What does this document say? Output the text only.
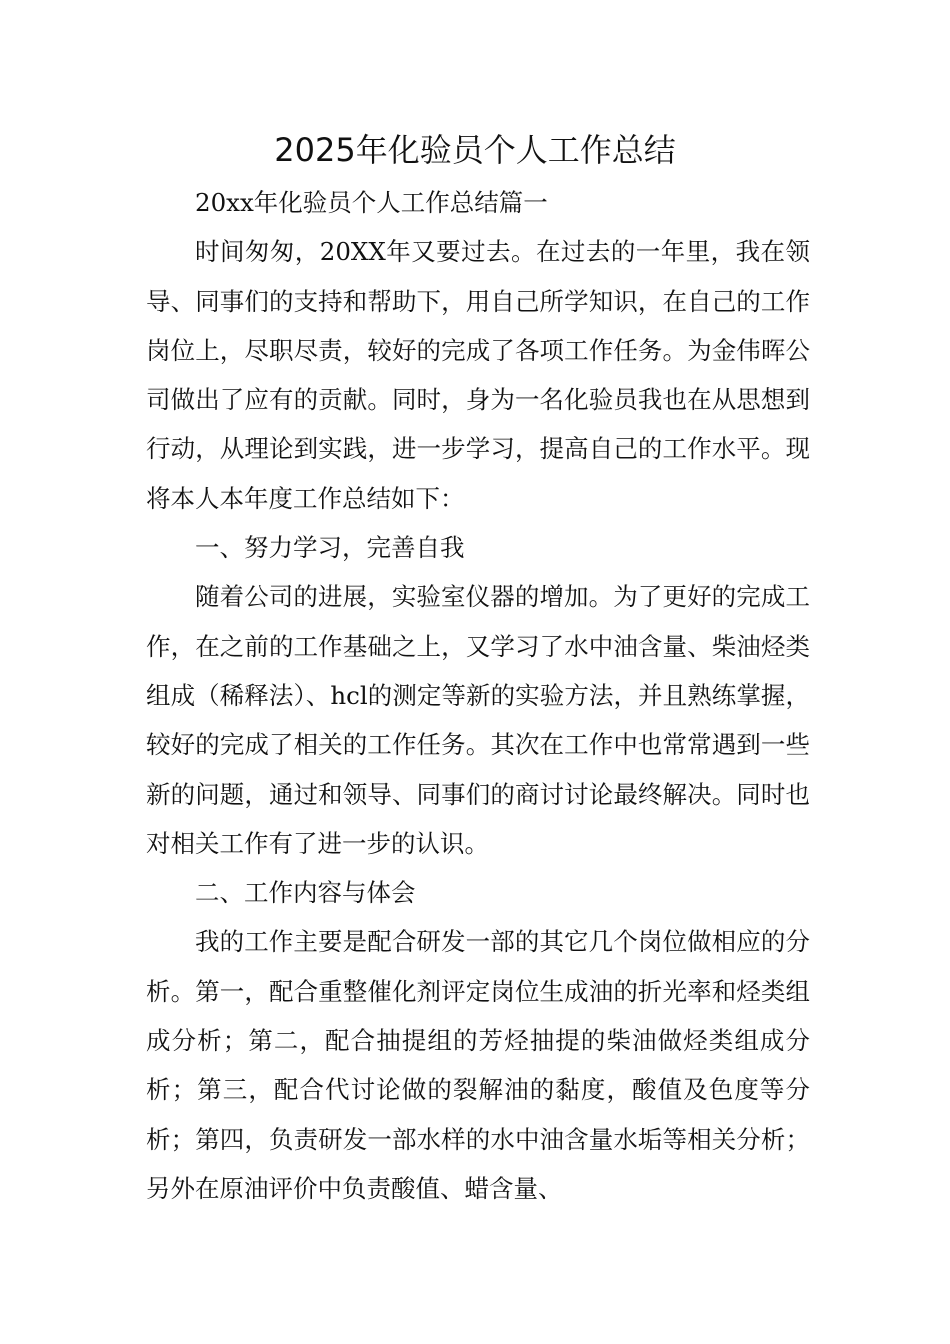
2025年化验员个人工作总结

20xx年化验员个人工作总结篇一

时间匆匆，20XX年又要过去。在过去的一年里，我在领导、同事们的支持和帮助下，用自己所学知识，在自己的工作岗位上，尽职尽责，较好的完成了各项工作任务。为金伟晖公司做出了应有的贡献。同时，身为一名化验员我也在从思想到行动，从理论到实践，进一步学习，提高自己的工作水平。现将本人本年度工作总结如下：

一、努力学习，完善自我

随着公司的进展，实验室仪器的增加。为了更好的完成工作，在之前的工作基础之上，又学习了水中油含量、柴油烃类组成（稀释法）、hcl的测定等新的实验方法，并且熟练掌握，较好的完成了相关的工作任务。其次在工作中也常常遇到一些新的问题，通过和领导、同事们的商讨讨论最终解决。同时也对相关工作有了进一步的认识。

二、工作内容与体会

我的工作主要是配合研发一部的其它几个岗位做相应的分析。第一，配合重整催化剂评定岗位生成油的折光率和烃类组成分析；第二，配合抽提组的芳烃抽提的柴油做烃类组成分析；第三，配合代讨论做的裂解油的黏度，酸值及色度等分析；第四，负责研发一部水样的水中油含量水垢等相关分析；另外在原油评价中负责酸值、蜡含量、
